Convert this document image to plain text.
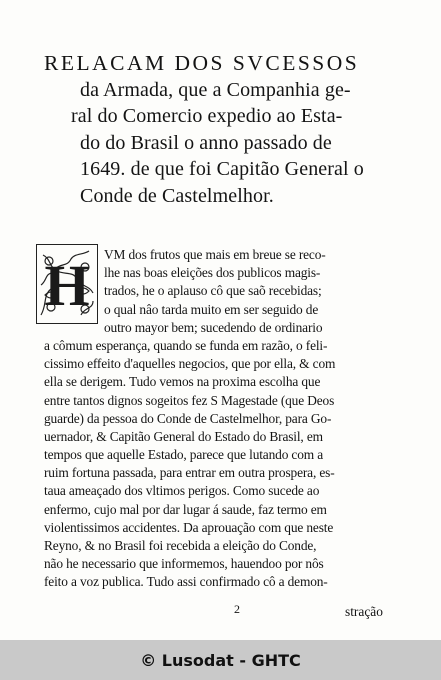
RELACAM DOS SVCESSOS
da Armada, que a Companhia ge-
ral do Comercio expedio ao Esta-
do do Brasil o anno passado de
1649. de que foi Capitão General o
Conde de Castelmelhor.
VM dos frutos que mais em breue se reco-
lhe nas boas eleições dos publicos magis-
trados, he o aplauso cô que saõ recebidas;
o qual nâo tarda muito em ser seguido de
outro mayor bem; sucedendo de ordinario
a cômum esperança, quando se funda em razão, o feli-
cissimo effeito d'aquelles negocios, que por ella, & com
ella se derigem. Tudo vemos na proxima escolha que
entre tantos dignos sogeitos fez S Magestade (que Deos
guarde) da pessoa do Conde de Castelmelhor, para Go-
uernador, & Capitão General do Estado do Brasil, em
tempos que aquelle Estado, parece que lutando com a
ruim fortuna passada, para entrar em outra prospera, es-
taua ameaçado dos vltimos perigos. Como sucede ao
enfermo, cujo mal por dar lugar á saude, faz termo em
violentissimos accidentes. Da aprouação com que neste
Reyno, & no Brasil foi recebida a eleição do Conde,
não he necessario que informemos, hauendoo por nôs
feito a voz publica. Tudo assi confirmado cô a demon-
H
2	stração
© Lusodat - GHTC
